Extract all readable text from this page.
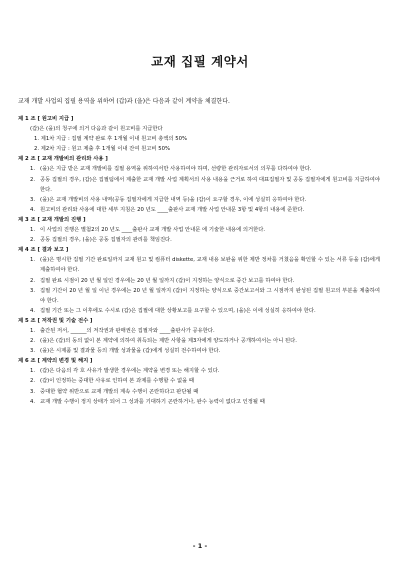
교재 집필 계약서
교재 개발 사업의 집필 용역을 위하여 (갑)과 (을)은 다음과 같이 계약을 체결한다.
제 1 조 [ 원고비 지급 ]
(갑)은 (을)의 청구에 의거 다음과 같이 원고비를 지급한다
1. 제1차 지급 : 집필 계약 완료 후 1개월 이내 원고비 총액의 50%
2. 제2차 지급 : 원고 제출 후 1개월 이내 잔여 원고비 50%
제 2 조 [ 교재 개발비의 관리와 사용 ]
1. (을)은 지급 받은 교재 개발비를 집필 용역을 위하여서만 사용하여야 하며, 선량한 관리자로서의 의무를 다하여야 한다.
2. 공동 집필의 경우, (갑)은 집필팀에서 제출한 교재 개발 사업 계획서의 사용 내용을 근거로 하여 대표집필자 및 공동 집필자에게 원고비를 지급하여야 한다.
3. (을)은 교재 개발비의 사용 내역(공동 집필자에게 지급한 내역 등)을 (갑)이 요구할 경우, 이에 성실히 응하여야 한다.
4. 원고비의 관리와 사용에 대한 세부 지침은 20 년도 ____출판사 교재 개발 사업 안내문 3항 및 4항의 내용에 준한다.
제 3 조 [ 교재 개발의 진행 ]
1. 이 사업의 진행은 별첨2의 20 년도 ____출판사 교재 개발 사업 안내문 에 기술한 내용에 의거한다.
2. 공동 집필의 경우, (을)은 공동 집필자의 관리를 책임진다.
제 4 조 [ 결과 보고 ]
1. (을)은 명시한 집필 기간 완료일까지 교재 원고 및 컴퓨터 diskette, 교재 내용 보완을 위한 제반 정차를 거쳤음을 확인할 수 있는 서류 등을 (갑)에게 제출하여야 한다.
2. 집필 완료 시점이 20 년 월 일인 경우에는 20 년 월 일까지 (갑)이 지정하는 양식으로 중간 보고를 하여야 한다.
3. 집필 기간이 20 년 월 일 이닌 경우에는 20 년 월 일까지 (갑)이 지정하는 양식으로 중간보고서와 그 시점까지 완성된 집필 원고의 부분을 제출하여야 한다.
4. 집필 기간 또는 그 이후에도 수시로 (갑)은 집필에 대한 상황보고를 요구할 수 있으며, (을)은 이에 성실히 응하여야 한다.
제 5 조 [ 저작권 및 기술 전수 ]
1. 출간된 저서, ______의 저작권과 판매권은 집필자와 ____출판사가 공유한다.
2. (을)은 (갑)의 동의 없이 본 계약에 의하여 취득되는 제반 사항을 제3자에게 양도하거나 공개하여서는 아니 된다.
3. (을)은 시제품 및 결과물 등의 개발 성과물을 (갑)에게 성실히 전수하여야 한다.
제 6 조 [ 계약의 변경 및 해지 ]
1. (갑)은 다음의 각 호 사유가 발생한 경우에는 계약을 변경 또는 해지할 수 있다.
2. (갑)이 인정하는 중대한 사유로 인하여 본 과제를 수행할 수 없을 때
3. 중대한 협약 위반으로 교재 개발의 계속 수행이 곤란하다고 판단될 때
4. 교재 개발 수행이 정지 상태가 되어 그 성과를 기대하기 곤란하거나, 완수 능력이 없다고 인정될 때
- 1 -
